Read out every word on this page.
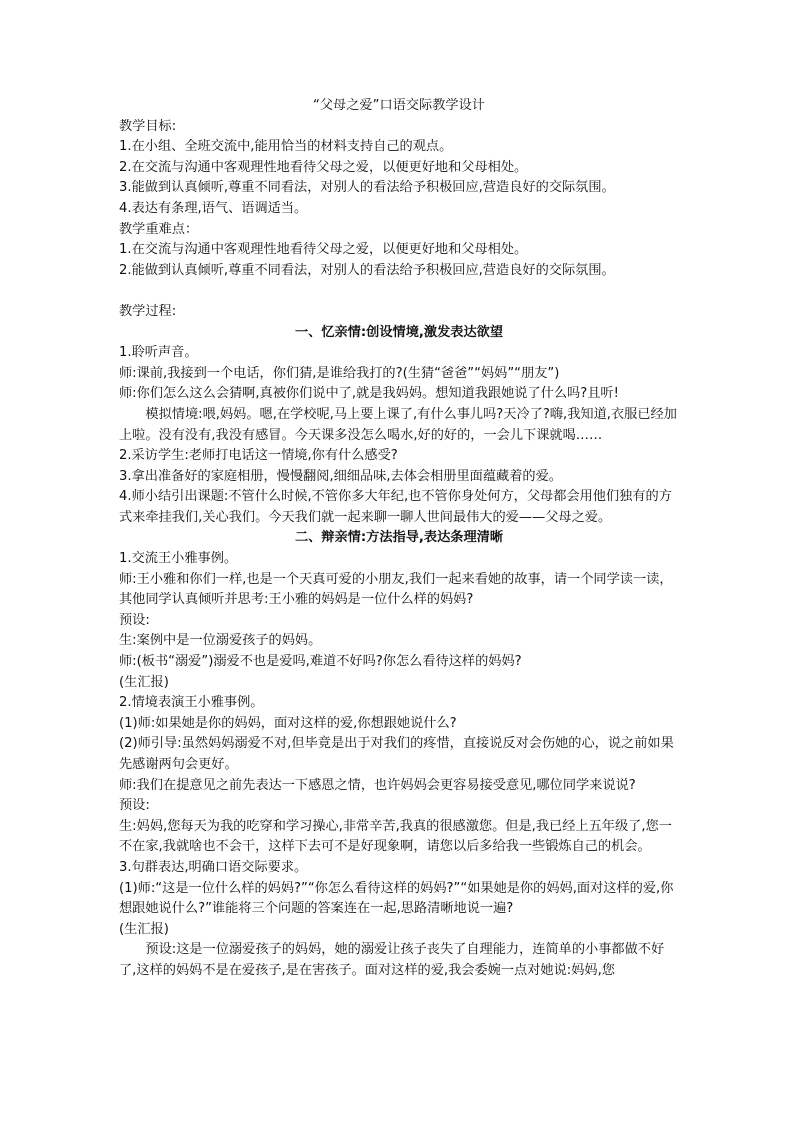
“父母之爱”口语交际教学设计

教学目标:

1.在小组、全班交流中,能用恰当的材料支持自己的观点。

2.在交流与沟通中客观理性地看待父母之爱，以便更好地和父母相处。

3.能做到认真倾听,尊重不同看法，对别人的看法给予积极回应,营造良好的交际氛围。

4.表达有条理,语气、语调适当。

教学重难点：

1.在交流与沟通中客观理性地看待父母之爱，以便更好地和父母相处。

2.能做到认真倾听,尊重不同看法，对别人的看法给予积极回应,营造良好的交际氛围。

教学过程:

一、忆亲情:创设情境,激发表达欲望

1.聆听声音。

师:课前,我接到一个电话，你们猜,是谁给我打的?(生猜“爸爸”“妈妈”“朋友”)

师:你们怎么这么会猜啊,真被你们说中了,就是我妈妈。想知道我跟她说了什么吗?且听!

模拟情境:喂,妈妈。嗯,在学校呢,马上要上课了,有什么事儿吗?天冷了?嗨,我知道,衣服已经加上啦。没有没有,我没有感冒。今天课多没怎么喝水,好的好的，一会儿下课就喝……

2.采访学生:老师打电话这一情境,你有什么感受?

3.拿出准备好的家庭相册，慢慢翻阅,细细品味,去体会相册里面蕴藏着的爱。

4.师小结引出课题:不管什么时候,不管你多大年纪,也不管你身处何方，父母都会用他们独有的方式来牵挂我们,关心我们。今天我们就一起来聊一聊人世间最伟大的爱——父母之爱。

二、辩亲情:方法指导,表达条理清晰

1.交流王小雅事例。

师:王小雅和你们一样,也是一个天真可爱的小朋友,我们一起来看她的故事，请一个同学读一读，其他同学认真倾听并思考:王小雅的妈妈是一位什么样的妈妈?

预设:

生:案例中是一位溺爱孩子的妈妈。

师:(板书“溺爱”)溺爱不也是爱吗,难道不好吗?你怎么看待这样的妈妈?

(生汇报)

2.情境表演王小雅事例。

(1)师:如果她是你的妈妈，面对这样的爱,你想跟她说什么?

(2)师引导:虽然妈妈溺爱不对,但毕竟是出于对我们的疼惜，直接说反对会伤她的心，说之前如果先感谢两句会更好。

师:我们在提意见之前先表达一下感恩之情，也许妈妈会更容易接受意见,哪位同学来说说?

预设:

生:妈妈,您每天为我的吃穿和学习操心,非常辛苦,我真的很感激您。但是,我已经上五年级了,您一不在家,我就啥也不会干，这样下去可不是好现象啊，请您以后多给我一些锻炼自己的机会。

3.句群表达,明确口语交际要求。

(1)师:“这是一位什么样的妈妈?”“你怎么看待这样的妈妈?”“如果她是你的妈妈,面对这样的爱,你想跟她说什么?”谁能将三个问题的答案连在一起,思路清晰地说一遍?

(生汇报)

预设:这是一位溺爱孩子的妈妈，她的溺爱让孩子丧失了自理能力，连简单的小事都做不好了,这样的妈妈不是在爱孩子,是在害孩子。面对这样的爱,我会委婉一点对她说:妈妈,您
